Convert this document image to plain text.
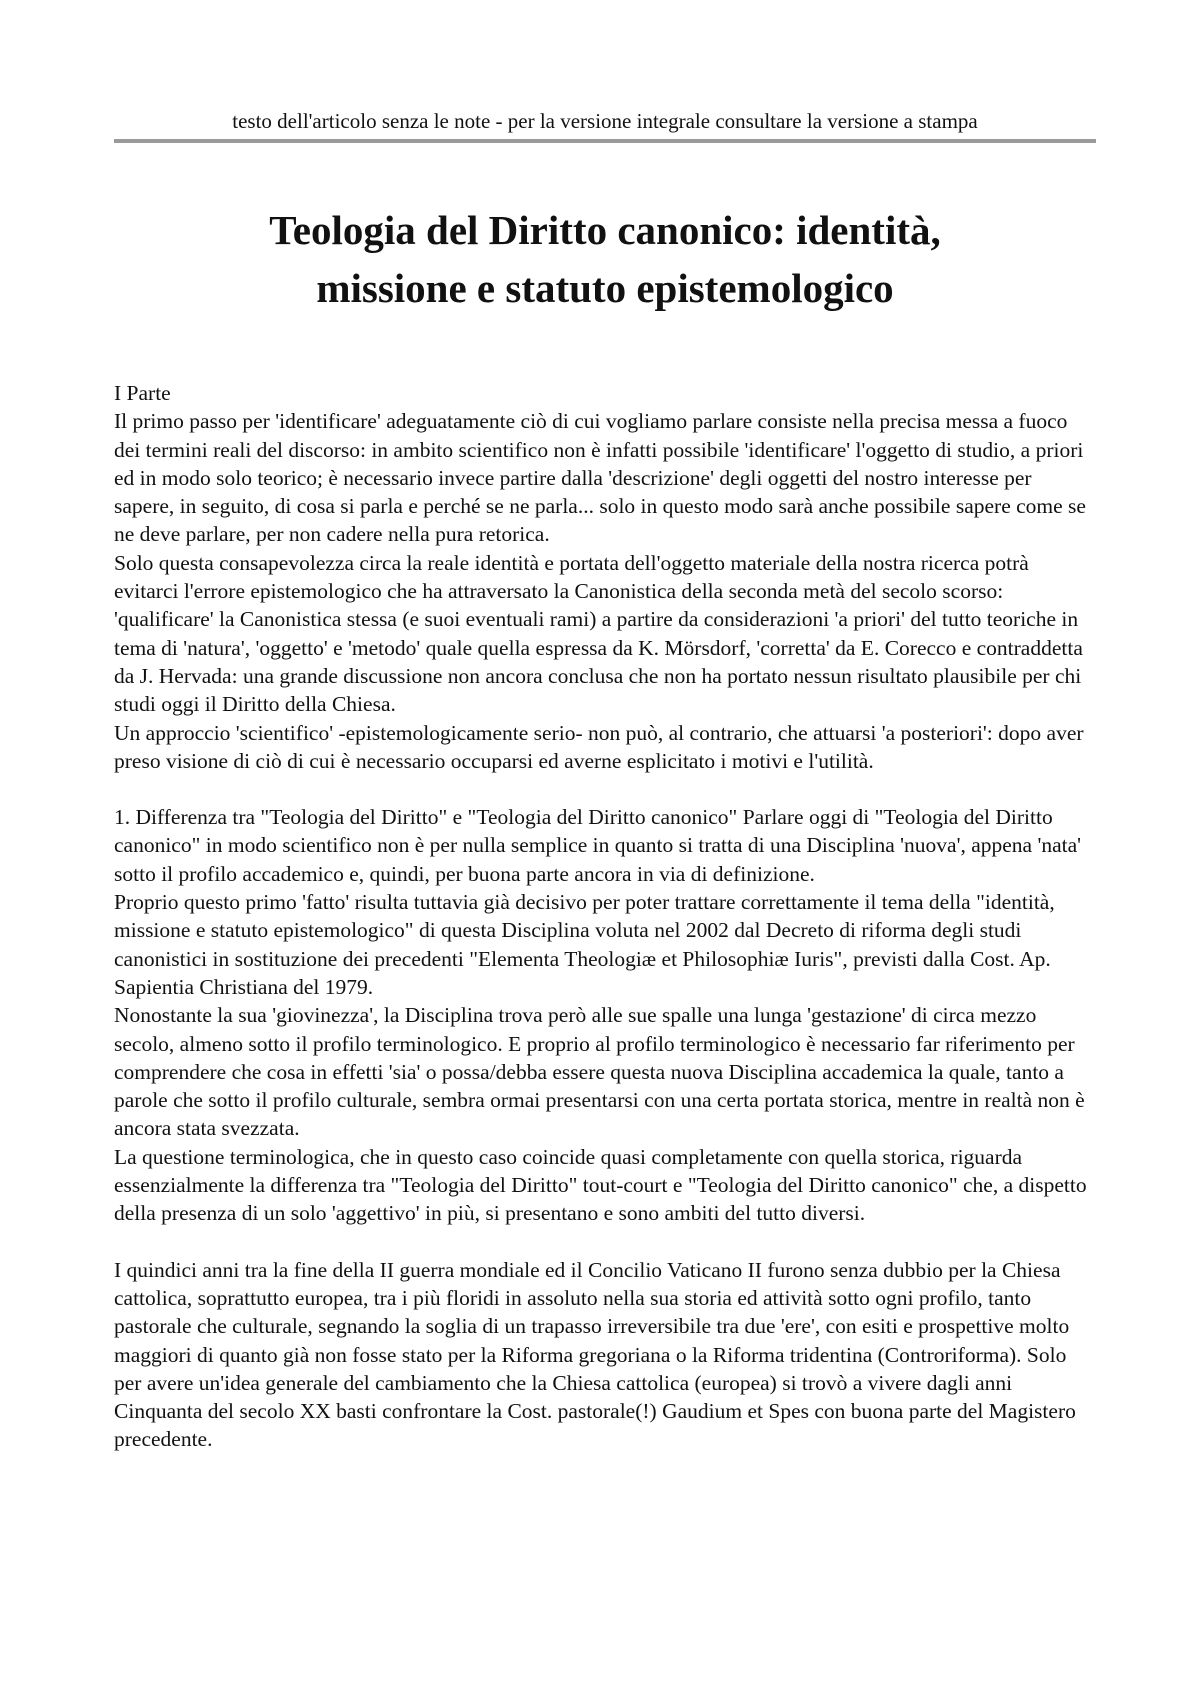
testo dell'articolo senza le note - per la versione integrale consultare la versione a stampa
Teologia del Diritto canonico: identità,
missione e statuto epistemologico

I Parte

Il primo passo per 'identificare' adeguatamente ciò di cui vogliamo parlare consiste nella precisa messa a fuoco dei termini reali del discorso: in ambito scientifico non è infatti possibile 'identificare' l'oggetto di studio, a priori ed in modo solo teorico; è necessario invece partire dalla 'descrizione' degli oggetti del nostro interesse per sapere, in seguito, di cosa si parla e perché se ne parla... solo in questo modo sarà anche possibile sapere come se ne deve parlare, per non cadere nella pura retorica.

Solo questa consapevolezza circa la reale identità e portata dell'oggetto materiale della nostra ricerca potrà evitarci l'errore epistemologico che ha attraversato la Canonistica della seconda metà del secolo scorso: 'qualificare' la Canonistica stessa (e suoi eventuali rami) a partire da considerazioni 'a priori' del tutto teoriche in tema di 'natura', 'oggetto' e 'metodo' quale quella espressa da K. Mörsdorf, 'corretta' da E. Corecco e contraddetta da J. Hervada: una grande discussione non ancora conclusa che non ha portato nessun risultato plausibile per chi studi oggi il Diritto della Chiesa.

Un approccio 'scientifico' -epistemologicamente serio- non può, al contrario, che attuarsi 'a posteriori': dopo aver preso visione di ciò di cui è necessario occuparsi ed averne esplicitato i motivi e l'utilità.

1. Differenza tra "Teologia del Diritto" e "Teologia del Diritto canonico" Parlare oggi di "Teologia del Diritto canonico" in modo scientifico non è per nulla semplice in quanto si tratta di una Disciplina 'nuova', appena 'nata' sotto il profilo accademico e, quindi, per buona parte ancora in via di definizione.

Proprio questo primo 'fatto' risulta tuttavia già decisivo per poter trattare correttamente il tema della "identità, missione e statuto epistemologico" di questa Disciplina voluta nel 2002 dal Decreto di riforma degli studi canonistici in sostituzione dei precedenti "Elementa Theologiæ et Philosophiæ Iuris", previsti dalla Cost. Ap. Sapientia Christiana del 1979.

Nonostante la sua 'giovinezza', la Disciplina trova però alle sue spalle una lunga 'gestazione' di circa mezzo secolo, almeno sotto il profilo terminologico. E proprio al profilo terminologico è necessario far riferimento per comprendere che cosa in effetti 'sia' o possa/debba essere questa nuova Disciplina accademica la quale, tanto a parole che sotto il profilo culturale, sembra ormai presentarsi con una certa portata storica, mentre in realtà non è ancora stata svezzata.

La questione terminologica, che in questo caso coincide quasi completamente con quella storica, riguarda essenzialmente la differenza tra "Teologia del Diritto" tout-court e "Teologia del Diritto canonico" che, a dispetto della presenza di un solo 'aggettivo' in più, si presentano e sono ambiti del tutto diversi.

I quindici anni tra la fine della II guerra mondiale ed il Concilio Vaticano II furono senza dubbio per la Chiesa cattolica, soprattutto europea, tra i più floridi in assoluto nella sua storia ed attività sotto ogni profilo, tanto pastorale che culturale, segnando la soglia di un trapasso irreversibile tra due 'ere', con esiti e prospettive molto maggiori di quanto già non fosse stato per la Riforma gregoriana o la Riforma tridentina (Controriforma). Solo per avere un'idea generale del cambiamento che la Chiesa cattolica (europea) si trovò a vivere dagli anni Cinquanta del secolo XX basti confrontare la Cost. pastorale(!) Gaudium et Spes con buona parte del Magistero precedente.
